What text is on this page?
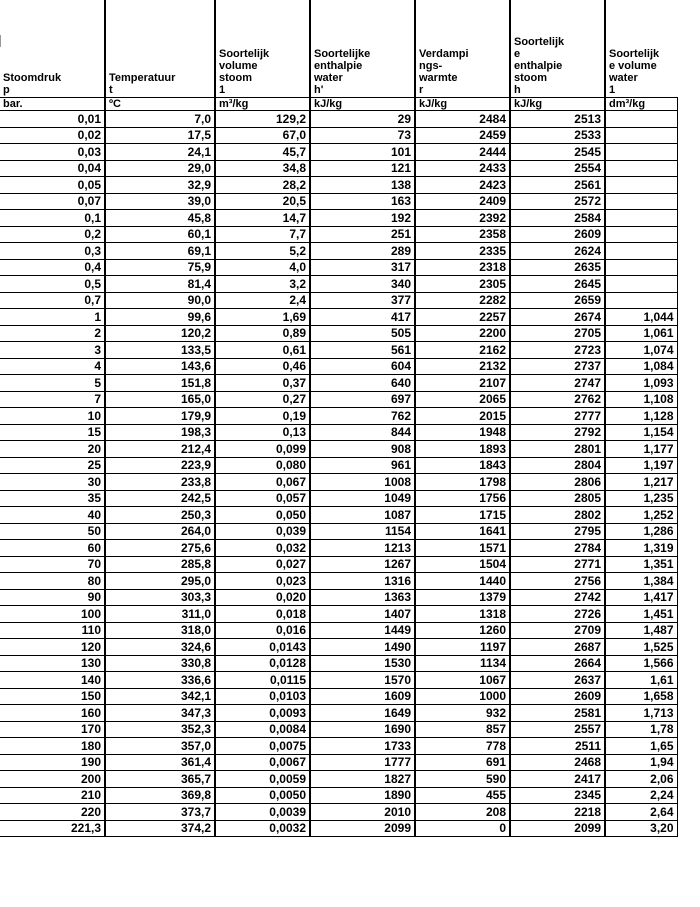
Stoomdruk
p	Temperatuur
t	Soortelijk
volume
stoom
1	Soortelijke
enthalpie
water
h'	Verdampi
ngs-
warmte
r	Soortelijk
e
enthalpie
stoom
h	Soortelijk
e volume
water
1
bar.	ºC	m³/kg	kJ/kg	kJ/kg	kJ/kg	dm³/kg
0,01	7,0	129,2	29	2484	2513	
0,02	17,5	67,0	73	2459	2533	
0,03	24,1	45,7	101	2444	2545	
0,04	29,0	34,8	121	2433	2554	
0,05	32,9	28,2	138	2423	2561	
0,07	39,0	20,5	163	2409	2572	
0,1	45,8	14,7	192	2392	2584	
0,2	60,1	7,7	251	2358	2609	
0,3	69,1	5,2	289	2335	2624	
0,4	75,9	4,0	317	2318	2635	
0,5	81,4	3,2	340	2305	2645	
0,7	90,0	2,4	377	2282	2659	
1	99,6	1,69	417	2257	2674	1,044
2	120,2	0,89	505	2200	2705	1,061
3	133,5	0,61	561	2162	2723	1,074
4	143,6	0,46	604	2132	2737	1,084
5	151,8	0,37	640	2107	2747	1,093
7	165,0	0,27	697	2065	2762	1,108
10	179,9	0,19	762	2015	2777	1,128
15	198,3	0,13	844	1948	2792	1,154
20	212,4	0,099	908	1893	2801	1,177
25	223,9	0,080	961	1843	2804	1,197
30	233,8	0,067	1008	1798	2806	1,217
35	242,5	0,057	1049	1756	2805	1,235
40	250,3	0,050	1087	1715	2802	1,252
50	264,0	0,039	1154	1641	2795	1,286
60	275,6	0,032	1213	1571	2784	1,319
70	285,8	0,027	1267	1504	2771	1,351
80	295,0	0,023	1316	1440	2756	1,384
90	303,3	0,020	1363	1379	2742	1,417
100	311,0	0,018	1407	1318	2726	1,451
110	318,0	0,016	1449	1260	2709	1,487
120	324,6	0,0143	1490	1197	2687	1,525
130	330,8	0,0128	1530	1134	2664	1,566
140	336,6	0,0115	1570	1067	2637	1,61
150	342,1	0,0103	1609	1000	2609	1,658
160	347,3	0,0093	1649	932	2581	1,713
170	352,3	0,0084	1690	857	2557	1,78
180	357,0	0,0075	1733	778	2511	1,65
190	361,4	0,0067	1777	691	2468	1,94
200	365,7	0,0059	1827	590	2417	2,06
210	369,8	0,0050	1890	455	2345	2,24
220	373,7	0,0039	2010	208	2218	2,64
221,3	374,2	0,0032	2099	0	2099	3,20
